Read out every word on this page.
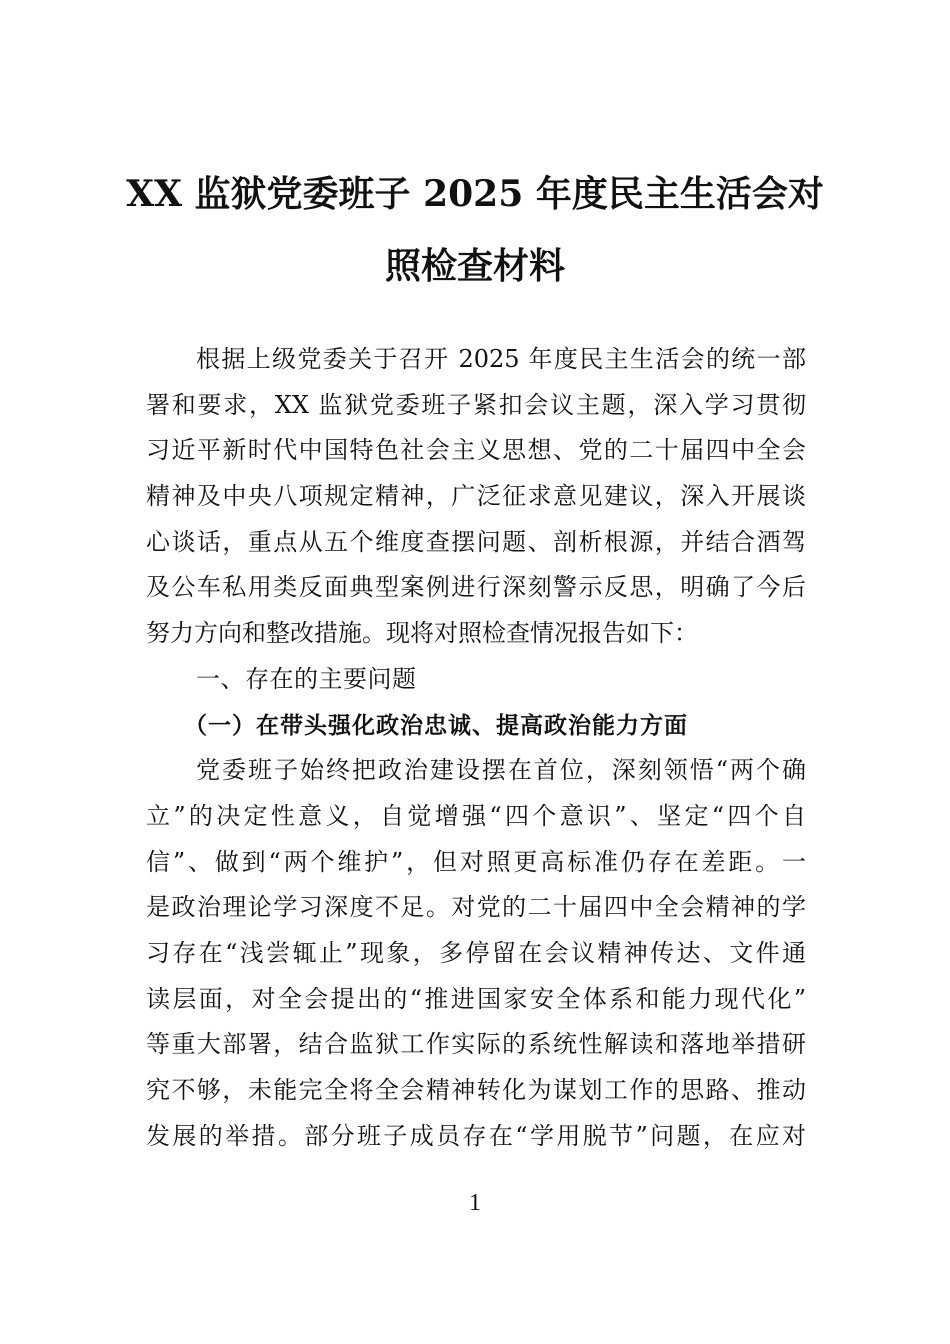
XX 监狱党委班子 2025 年度民主生活会对
照检查材料
根据上级党委关于召开 2025 年度民主生活会的统一部
署和要求，XX 监狱党委班子紧扣会议主题，深入学习贯彻
习近平新时代中国特色社会主义思想、党的二十届四中全会
精神及中央八项规定精神，广泛征求意见建议，深入开展谈
心谈话，重点从五个维度查摆问题、剖析根源，并结合酒驾
及公车私用类反面典型案例进行深刻警示反思，明确了今后
努力方向和整改措施。现将对照检查情况报告如下：
一、存在的主要问题
（一）在带头强化政治忠诚、提高政治能力方面
党委班子始终把政治建设摆在首位，深刻领悟“两个确
立”的决定性意义，自觉增强“四个意识”、坚定“四个自
信”、做到“两个维护”，但对照更高标准仍存在差距。一
是政治理论学习深度不足。对党的二十届四中全会精神的学
习存在“浅尝辄止”现象，多停留在会议精神传达、文件通
读层面，对全会提出的“推进国家安全体系和能力现代化”
等重大部署，结合监狱工作实际的系统性解读和落地举措研
究不够，未能完全将全会精神转化为谋划工作的思路、推动
发展的举措。部分班子成员存在“学用脱节”问题，在应对
1
